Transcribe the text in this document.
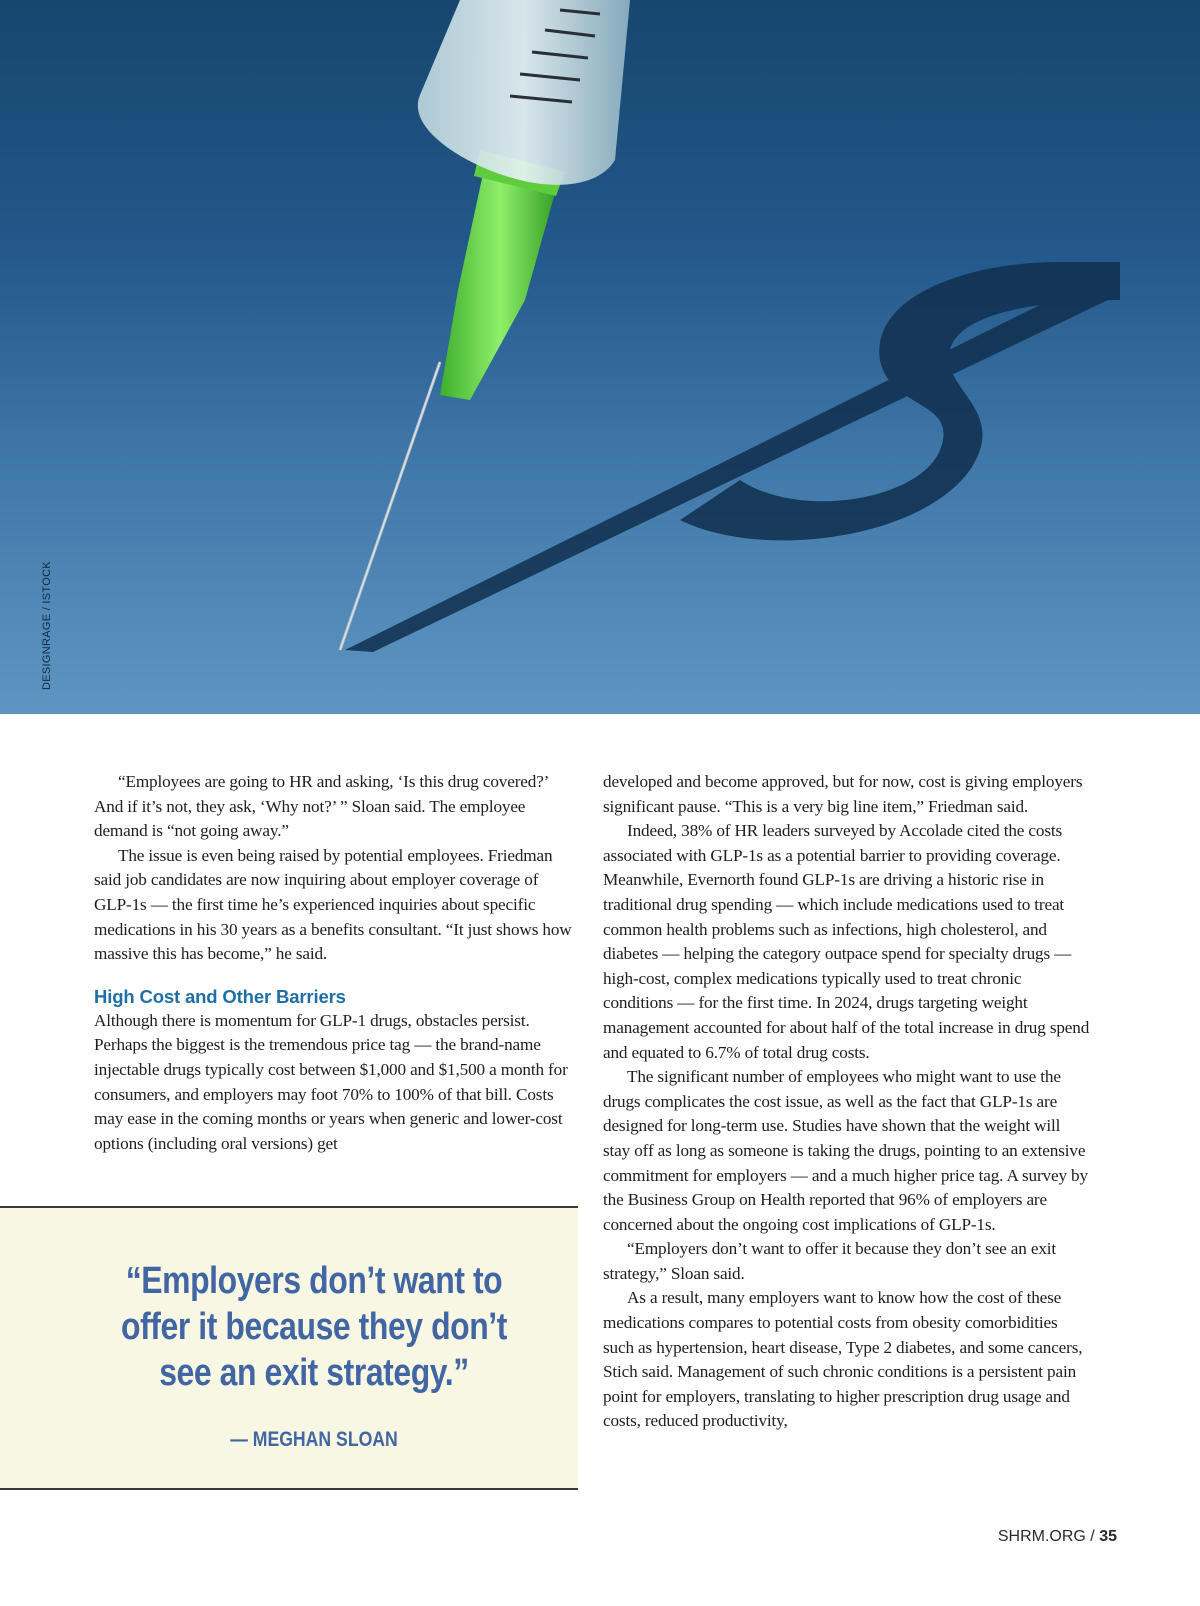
DESIGNRAGE / ISTOCK

“Employees are going to HR and asking, ‘Is this drug covered?’ And if it’s not, they ask, ‘Why not?’ ” Sloan said. The employee demand is “not going away.”

The issue is even being raised by potential employees. Friedman said job candidates are now inquiring about employer coverage of GLP-1s — the first time he’s experienced inquiries about specific medications in his 30 years as a benefits consultant. “It just shows how massive this has become,” he said.

High Cost and Other Barriers

Although there is momentum for GLP-1 drugs, obstacles persist. Perhaps the biggest is the tremendous price tag — the brand-name injectable drugs typically cost between $1,000 and $1,500 a month for consumers, and employers may foot 70% to 100% of that bill. Costs may ease in the coming months or years when generic and lower-cost options (including oral versions) get

“Employers don’t want to offer it because they don’t see an exit strategy.”
— MEGHAN SLOAN

developed and become approved, but for now, cost is giving employers significant pause. “This is a very big line item,” Friedman said.

Indeed, 38% of HR leaders surveyed by Accolade cited the costs associated with GLP-1s as a potential barrier to providing coverage. Meanwhile, Evernorth found GLP-1s are driving a historic rise in traditional drug spending — which include medications used to treat common health problems such as infections, high cholesterol, and diabetes — helping the category outpace spend for specialty drugs — high-cost, complex medications typically used to treat chronic conditions — for the first time. In 2024, drugs targeting weight management accounted for about half of the total increase in drug spend and equated to 6.7% of total drug costs.

The significant number of employees who might want to use the drugs complicates the cost issue, as well as the fact that GLP-1s are designed for long-term use. Studies have shown that the weight will stay off as long as someone is taking the drugs, pointing to an extensive commitment for employers — and a much higher price tag. A survey by the Business Group on Health reported that 96% of employers are concerned about the ongoing cost implications of GLP-1s.

“Employers don’t want to offer it because they don’t see an exit strategy,” Sloan said.

As a result, many employers want to know how the cost of these medications compares to potential costs from obesity comorbidities such as hypertension, heart disease, Type 2 diabetes, and some cancers, Stich said. Management of such chronic conditions is a persistent pain point for employers, translating to higher prescription drug usage and costs, reduced productivity,

SHRM.ORG / 35
